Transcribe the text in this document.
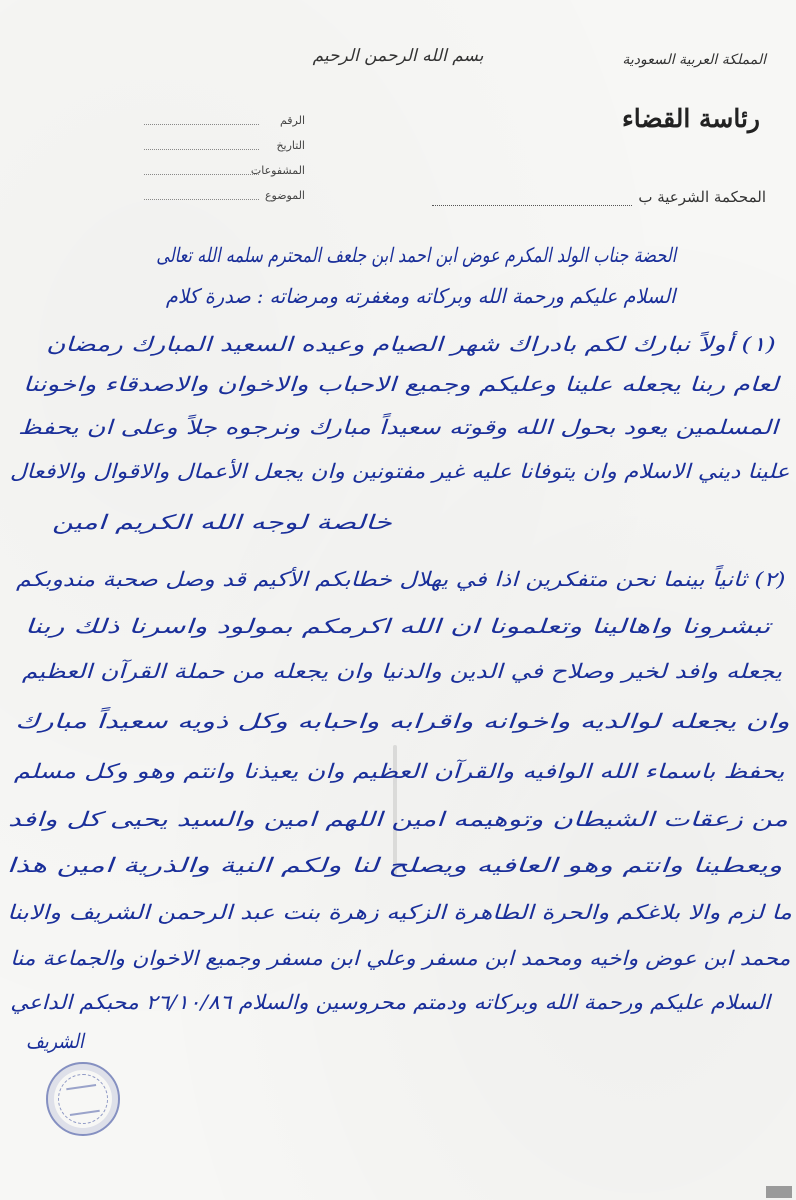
بسم الله الرحمن الرحيم	المملكة العربية السعودية
رئاسة القضاء
المحكمة الشرعية ب
الرقم
التاريخ
المشفوعات
الموضوع
الحضة جناب الولد المكرم عوض ابن احمد ابن جلعف المحترم سلمه الله تعالى
السلام عليكم ورحمة الله وبركاته ومغفرته ومرضاته : صدرة كلام
(١) أولاً نبارك لكم بادراك شهر الصيام وعيده السعيد المبارك رمضان
لعام ربنا يجعله علينا وعليكم وجميع الاحباب والاخوان والاصدقاء واخوننا
المسلمين يعود بحول الله وقوته سعيداً مبارك ونرجوه جلاً وعلى ان يحفظ
علينا ديني الاسلام وان يتوفانا عليه غير مفتونين وان يجعل الأعمال والاقوال والافعال
خالصة لوجه الله الكريم امين
(٢) ثانياً بينما نحن متفكرين اذا في يهلال خطابكم الأكيم قد وصل صحبة مندوبكم
تبشرونا واهالينا وتعلمونا ان الله اكرمكم بمولود واسرنا ذلك ربنا
يجعله وافد لخير وصلاح في الدين والدنيا وان يجعله من حملة القرآن العظيم
وان يجعله لوالديه واخوانه واقرابه واحبابه وكل ذويه سعيداً مبارك
يحفظ باسماء الله الوافيه والقرآن العظيم وان يعيذنا وانتم وهو وكل مسلم
من زعقات الشيطان وتوهيمه امين اللهم امين والسيد يحيى كل وافد
ويعطينا وانتم وهو العافيه ويصلح لنا ولكم النية والذرية امين هذا
ما لزم والا بلاغكم والحرة الطاهرة الزكيه زهرة بنت عبد الرحمن الشريف والابنا
محمد ابن عوض واخيه ومحمد ابن مسفر وعلي ابن مسفر وجميع الاخوان والجماعة منا
السلام عليكم ورحمة الله وبركاته ودمتم محروسين والسلام ٢٦/١٠/٨٦ محبكم الداعي
الشريف
